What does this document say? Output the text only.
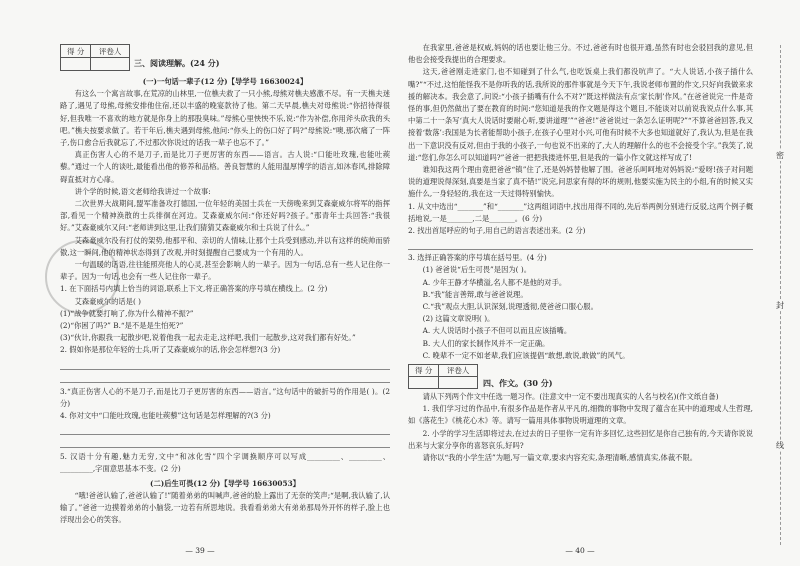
得 分	评卷人

三、阅读理解。(24 分)

(一)一句话一辈子(12 分)【导学号 16630024】

有这么一个寓言故事,在荒凉的山林里,一位樵夫救了一只小熊,母熊对樵夫感激不尽。有一天樵夫迷路了,遇见了母熊,母熊安排他住宿,还以丰盛的晚宴款待了他。第二天早晨,樵夫对母熊说:“你招待得很好,但我唯一不喜欢的地方就是你身上的那股臭味。”母熊心里怏怏不乐,说:“作为补偿,你用斧头砍我的头吧。”樵夫按要求做了。若干年后,樵夫遇到母熊,他问:“你头上的伤口好了吗?”母熊说:“噢,那次痛了一阵子,伤口愈合后我就忘了,不过那次你说过的话我一辈子也忘不了。”

真正伤害人心的不是刀子,而是比刀子更厉害的东西——语言。古人说:“口能吐玫瑰,也能吐蒺藜。”通过一个人的谈吐,最能看出他的修养和品格。善良智慧的人能用温厚博学的语言,如沐春风,排除障碍直抵对方心扉。

讲个学的时候,语文老师给我讲过一个故事:

二次世界大战期间,盟军准备攻打德国,一位年轻的美国士兵在一天傍晚来到艾森豪威尔将军的指挥部,看见一个精神涣散的士兵徘徊在河边。艾森豪威尔问:“你还好吗?孩子。”那青年士兵回答:“我很好。”艾森豪威尔又问:“老师讲到这里,让我们猜猜艾森豪威尔和士兵说了什么。”

艾森豪威尔没有打仗的架势,他那平和、亲切的人情味,让那个士兵受到感动,并以有这样的统帅而骄傲,这一瞬间,他的精神状态得到了改观,并时刻提醒自己要成为一个有用的人。

一句温暖的话语,往往能照亮他人的心灵,甚至会影响人的一辈子。因为一句话,总有一些人记住你一辈子。因为一句话,也会有一些人记住你一辈子。

1. 在下面括号内填上恰当的词语,联系上下文,将正确答案的序号填在横线上。(2 分)

艾森豪威尔的话是( )

(1)“战争就要打响了,你为什么精神不振?”

(2)“你困了吗?” B.“是不是是生怕死?”

(3)“伙计,你跟我一起散步吧,说着他我一起去走走,这样吧,我们一起散步,这对我们都有好处。”

2. 假如你是那位年轻的士兵,听了艾森豪威尔的话,你会怎样想?(3 分)

3.“真正伤害人心的不是刀子,而是比刀子更厉害的东西——语言。”这句话中的破折号的作用是( )。(2 分)

4. 你对文中“口能吐玫瑰,也能吐蒺藜”这句话是怎样理解的?(3 分)

5. 汉语十分有趣,魅力无穷,文中“和冰化雪”四个字调换顺序可以写成_________、_________、_________,字面意思基本不变。(2 分)

(二)后生可畏(12 分)【导学号 16630053】

“哦!爸爸认输了,爸爸认输了!”随着弟弟的叫喊声,爸爸的脸上露出了无奈的笑声;“是啊,我认输了,认输了。”爸爸一边摸着弟弟的小脑袋,一边若有所思地说。我看看弟弟大有弟弟那局外开怀的样子,脸上也浮现出会心的笑容。

— 39 —

在我家里,爸爸是权威,妈妈的话也要让他三分。不过,爸爸有时也很开通,虽然有时也会驳回我的意见,但他也会接受我提出的合理要求。

这天,爸爸刚走进家门,也不知碰到了什么气,也吃饭桌上我们都没吭声了。“大人说话,小孩子插什么嘴?”“不过,这怕能怪我不是你听我的话,我所说的那件事就是今天下午,我说老师布置的作文,只好向我做来求援的解决本。我会意了,问说:“小孩子插嘴有什么不对?”既这样做法有点‘家长制’作风。”在爸爸说完一件是奇怪的事,但仍然做出了要在教育的时间:“您知道是我的作文题是得这个题目,不能谈对以前说我说点什么事,其中第二十一条写‘真大人说话时要耐心听,要讲道理’”“爸爸!”爸爸说过一条怎么证明呢?”“不算爸爸回答,我又接着‘数落’:我国是为长者能帮助小孩子,在孩子心里对小兴,可他有时候不大多也知道就好了,我认为,但是在我出一下意识没有反对,但由于我的小孩子,一句也说不出来的了,大人的理解什么的也不会接受个字。”我笑了,说道:“您们,你怎么可以知道吗?”爸爸一把把我搂进怀里,但是我的一篇小作文就这样写成了!

谁知我这两个理由竟把爸爸“镇”住了,还是妈妈替他解了围。爸爸乐呵呵地对妈妈说:“爱呀!孩子对问题说的道理说得深刻,真要是当家了真不错!”说完,问思家有得的坏的规则,他要实施为民主的小组,有的时候又实施什么,一身轻轻的,我在这一天过得特别愉快。

1. 从文中选出“_______”和“_______”这两组词语中,找出用得不同的,先后举两例分别进行反驳,这两个例子概括地说,一是_______,二是_______。(6 分)

2. 找出首尾呼应的句子,用自己的语言表述出来。(2 分)

3. 选择正确答案的序号填在括号里。(4 分)

(1) 爸爸说“后生可畏”是因为( )。

A. 少年王静才华横溢,名人都不是他的对手。

B.“我”能言善辩,敢与爸爸说理。

C.“我”观点大胆,认识深刻,说理透彻,使爸爸口服心服。

(2) 这篇文章说明( )。

A. 大人说话时小孩子不但可以而且应该插嘴。

B. 大人们的家长制作风并不一定正确。

C. 晚辈不一定不如老辈,我们应该提倡“敢想,敢说,敢做”的风气。

得 分	评卷人

四、作文。(30 分)

请从下列两个作文中任选一题习作。(注意文中一定不要出现真实的人名与校名)(作文纸自备)

1. 我们学习过的作品中,有很多作品是作者从平凡的,细微的事物中发现了蕴含在其中的道理或人生哲理,如《落花生》《桃花心木》等。请写一篇用具体事物说明道理的文章。

2. 小学的学习生活即将过去,在过去的日子里你一定有许多回忆,这些回忆是你自己独有的,今天请你说说出来与大家分享你的喜怒哀乐,好吗?

请你以“我的小学生活”为题,写一篇文章,要求内容充实,条理清晰,感情真实,体裁不限。

— 40 —
密
封
线
